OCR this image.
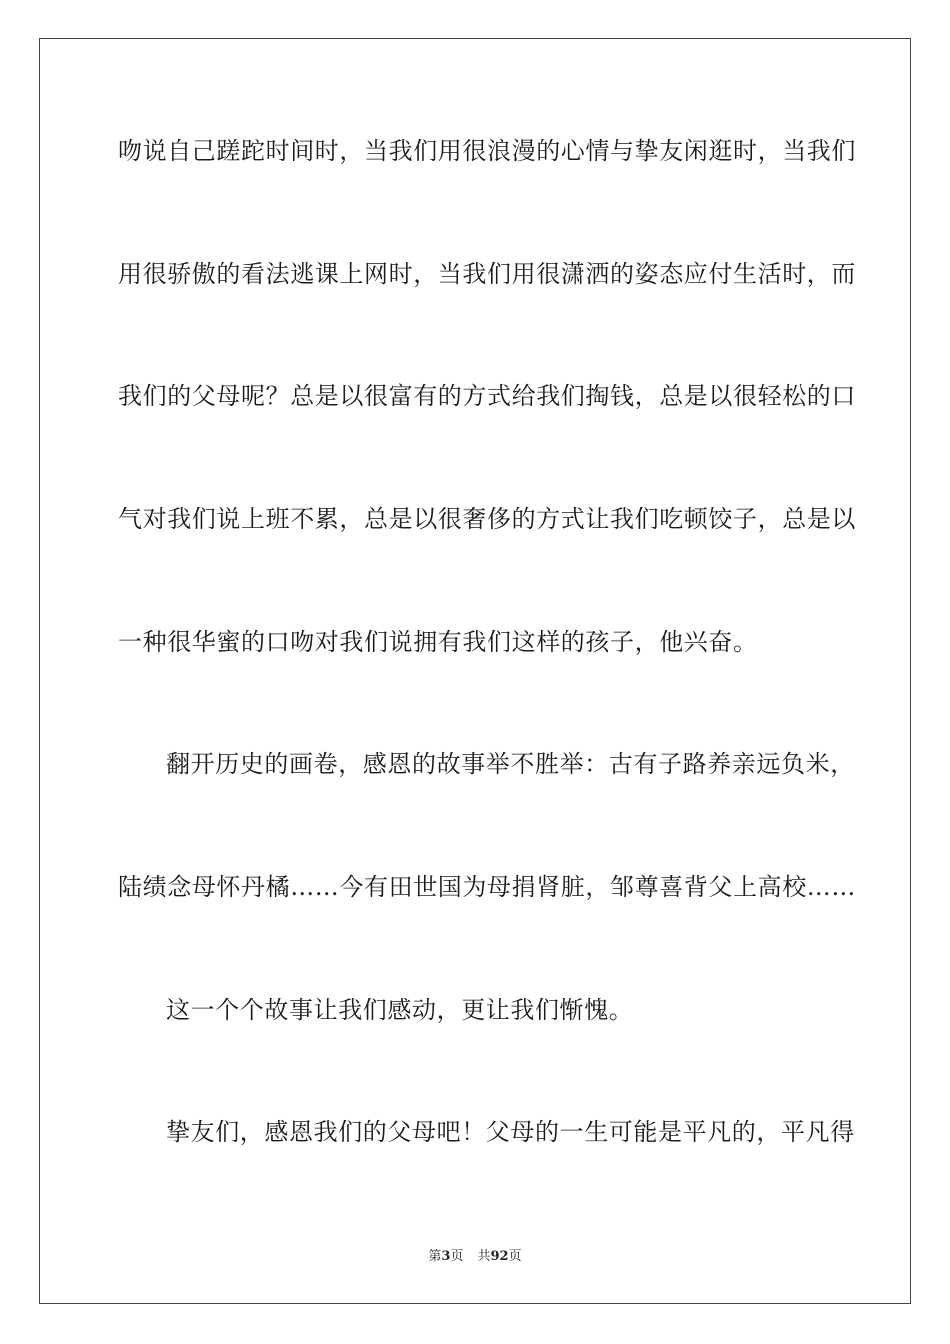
吻说自己蹉跎时间时，当我们用很浪漫的心情与挚友闲逛时，当我们
用很骄傲的看法逃课上网时，当我们用很潇洒的姿态应付生活时，而
我们的父母呢？总是以很富有的方式给我们掏钱，总是以很轻松的口
气对我们说上班不累，总是以很奢侈的方式让我们吃顿饺子，总是以
一种很华蜜的口吻对我们说拥有我们这样的孩子，他兴奋。
翻开历史的画卷，感恩的故事举不胜举：古有子路养亲远负米，
陆绩念母怀丹橘……今有田世国为母捐肾脏，邹尊喜背父上高校……
这一个个故事让我们感动，更让我们惭愧。
挚友们，感恩我们的父母吧！父母的一生可能是平凡的，平凡得
第3页 共92页
